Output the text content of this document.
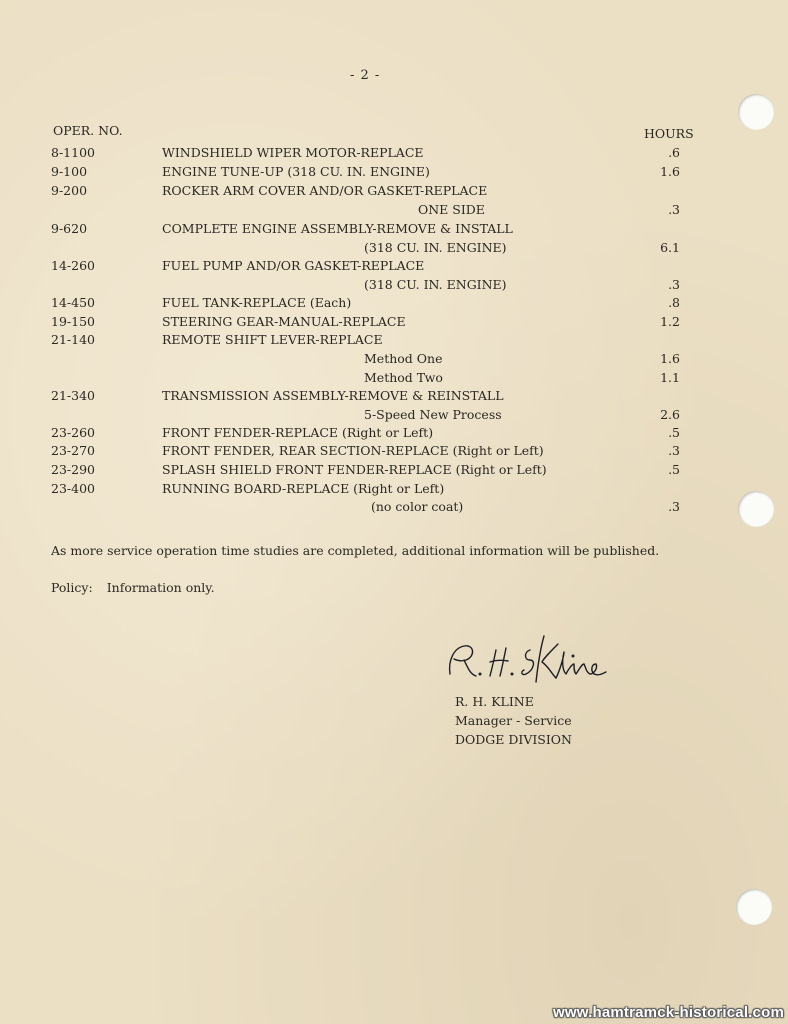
- 2 -
OPER. NO.	HOURS
8-1100	WINDSHIELD WIPER MOTOR-REPLACE	.6
9-100	ENGINE TUNE-UP (318 CU. IN. ENGINE)	1.6
9-200	ROCKER ARM COVER AND/OR GASKET-REPLACE
ONE SIDE	.3
9-620	COMPLETE ENGINE ASSEMBLY-REMOVE & INSTALL
(318 CU. IN. ENGINE)	6.1
14-260	FUEL PUMP AND/OR GASKET-REPLACE
(318 CU. IN. ENGINE)	.3
14-450	FUEL TANK-REPLACE (Each)	.8
19-150	STEERING GEAR-MANUAL-REPLACE	1.2
21-140	REMOTE SHIFT LEVER-REPLACE
Method One	1.6
Method Two	1.1
21-340	TRANSMISSION ASSEMBLY-REMOVE & REINSTALL
5-Speed New Process	2.6
23-260	FRONT FENDER-REPLACE (Right or Left)	.5
23-270	FRONT FENDER, REAR SECTION-REPLACE (Right or Left)	.3
23-290	SPLASH SHIELD FRONT FENDER-REPLACE (Right or Left)	.5
23-400	RUNNING BOARD-REPLACE (Right or Left)
(no color coat)	.3
As more service operation time studies are completed, additional information will be published.
Policy: Information only.
R. H. KLINE
Manager - Service
DODGE DIVISION
www.hamtramck-historical.com
